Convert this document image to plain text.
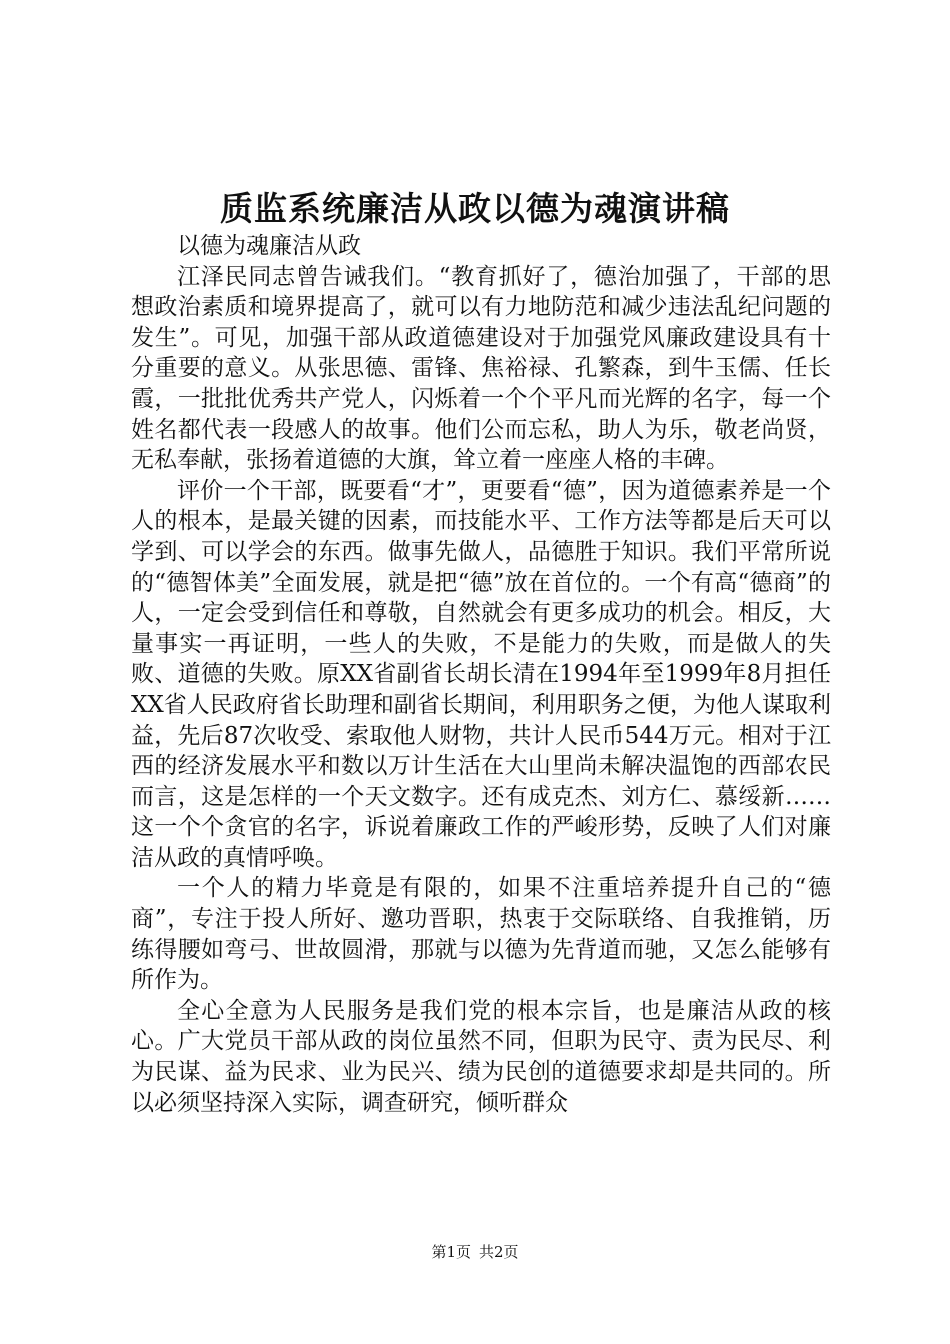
质监系统廉洁从政以德为魂演讲稿

以德为魂廉洁从政

江泽民同志曾告诫我们。“教育抓好了，德治加强了，干部的思想政治素质和境界提高了，就可以有力地防范和减少违法乱纪问题的发生”。可见，加强干部从政道德建设对于加强党风廉政建设具有十分重要的意义。从张思德、雷锋、焦裕禄、孔繁森，到牛玉儒、任长霞，一批批优秀共产党人，闪烁着一个个平凡而光辉的名字，每一个姓名都代表一段感人的故事。他们公而忘私，助人为乐，敬老尚贤，无私奉献，张扬着道德的大旗，耸立着一座座人格的丰碑。

评价一个干部，既要看“才”，更要看“德”，因为道德素养是一个人的根本，是最关键的因素，而技能水平、工作方法等都是后天可以学到、可以学会的东西。做事先做人，品德胜于知识。我们平常所说的“德智体美”全面发展，就是把“德”放在首位的。一个有高“德商”的人，一定会受到信任和尊敬，自然就会有更多成功的机会。相反，大量事实一再证明，一些人的失败，不是能力的失败，而是做人的失败、道德的失败。原XX省副省长胡长清在1994年至1999年8月担任XX省人民政府省长助理和副省长期间，利用职务之便，为他人谋取利益，先后87次收受、索取他人财物，共计人民币544万元。相对于江西的经济发展水平和数以万计生活在大山里尚未解决温饱的西部农民而言，这是怎样的一个天文数字。还有成克杰、刘方仁、慕绥新……这一个个贪官的名字，诉说着廉政工作的严峻形势，反映了人们对廉洁从政的真情呼唤。

一个人的精力毕竟是有限的，如果不注重培养提升自己的“德商”，专注于投人所好、邀功晋职，热衷于交际联络、自我推销，历练得腰如弯弓、世故圆滑，那就与以德为先背道而驰，又怎么能够有所作为。

全心全意为人民服务是我们党的根本宗旨，也是廉洁从政的核心。广大党员干部从政的岗位虽然不同，但职为民守、责为民尽、利为民谋、益为民求、业为民兴、绩为民创的道德要求却是共同的。所以必须坚持深入实际，调查研究，倾听群众

第1页 共2页
